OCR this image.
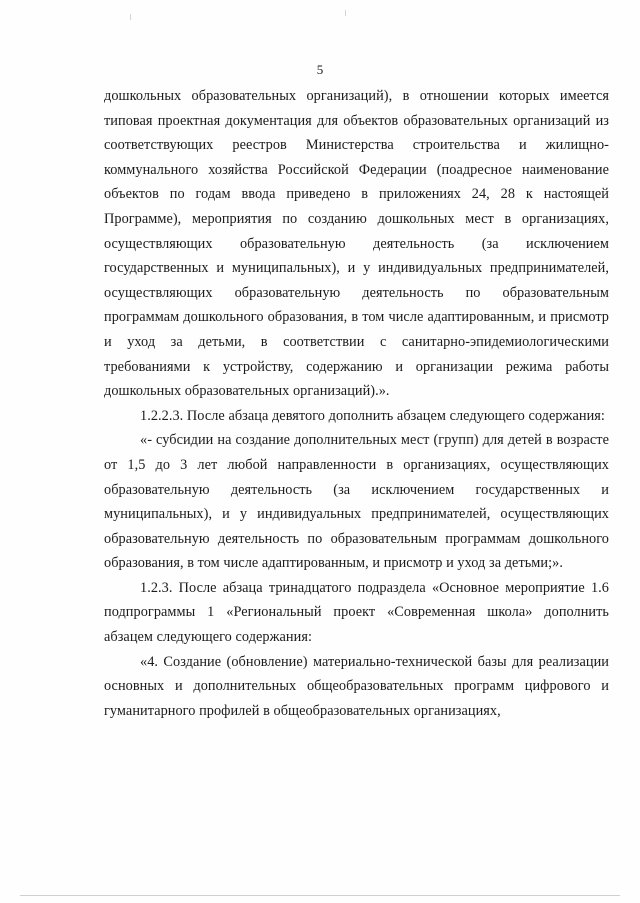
5

дошкольных образовательных организаций), в отношении которых имеется типовая проектная документация для объектов образовательных организаций из соответствующих реестров Министерства строительства и жилищно-коммунального хозяйства Российской Федерации (поадресное наименование объектов по годам ввода приведено в приложениях 24, 28 к настоящей Программе), мероприятия по созданию дошкольных мест в организациях, осуществляющих образовательную деятельность (за исключением государственных и муниципальных), и у индивидуальных предпринимателей, осуществляющих образовательную деятельность по образовательным программам дошкольного образования, в том числе адаптированным, и присмотр и уход за детьми, в соответствии с санитарно-эпидемиологическими требованиями к устройству, содержанию и организации режима работы дошкольных образовательных организаций).».

1.2.2.3. После абзаца девятого дополнить абзацем следующего содержания:

«- субсидии на создание дополнительных мест (групп) для детей в возрасте от 1,5 до 3 лет любой направленности в организациях, осуществляющих образовательную деятельность (за исключением государственных и муниципальных), и у индивидуальных предпринимателей, осуществляющих образовательную деятельность по образовательным программам дошкольного образования, в том числе адаптированным, и присмотр и уход за детьми;».

1.2.3. После абзаца тринадцатого подраздела «Основное мероприятие 1.6 подпрограммы 1 «Региональный проект «Современная школа» дополнить абзацем следующего содержания:

«4. Создание (обновление) материально-технической базы для реализации основных и дополнительных общеобразовательных программ цифрового и гуманитарного профилей в общеобразовательных организациях,
